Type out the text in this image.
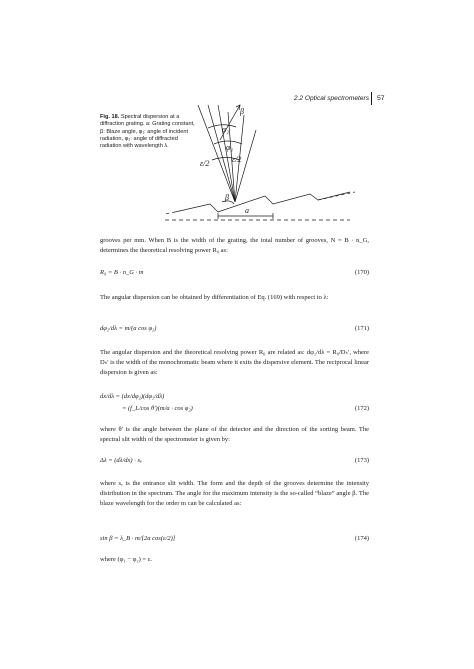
2.2 Optical spectrometers 57
Fig. 18. Spectral dispersion at a diffraction grating. a: Grating constant, β: Blaze angle, φ₁: angle of incident radiation, φ₂: angle of diffracted radiation with wavelength λ.
β
φ₂
φ₁
ε/2	ε/2
β
a
grooves per mm. When B is the width of the grating, the total number of grooves, N = B · n_G, determines the theoretical resolving power R₀ as:
R₀ = B · n_G · m	(170)
The angular dispersion can be obtained by differentiation of Eq. (169) with respect to λ:
dφ₂/dλ = m/(a cos φ₂)	(171)
The angular dispersion and the theoretical resolving power R₀ are related as: dφ₂/dλ = R₀/Dₛ′, where Dₛ′ is the width of the monochromatic beam where it exits the dispersive element. The reciprocal linear dispersion is given as:
dx/dλ = (dx/dφ₂)(dφ₂/dλ)
= (f_L/cos θ′)(m/a · cos φ₂)	(172)
where θ′ is the angle between the plane of the detector and the direction of the sorting beam. The spectral slit width of the spectrometer is given by:
Δλ = (dλ/dx) · sₑ	(173)
where sₑ is the entrance slit width. The form and the depth of the grooves determine the intensity distribution in the spectrum. The angle for the maximum intensity is the so-called “blaze” angle β. The blaze wavelength for the order m can be calculated as:
sin β = λ_B · m/[2a cos(ε/2)]	(174)
where (φ₁ − φ₂) = ε.
